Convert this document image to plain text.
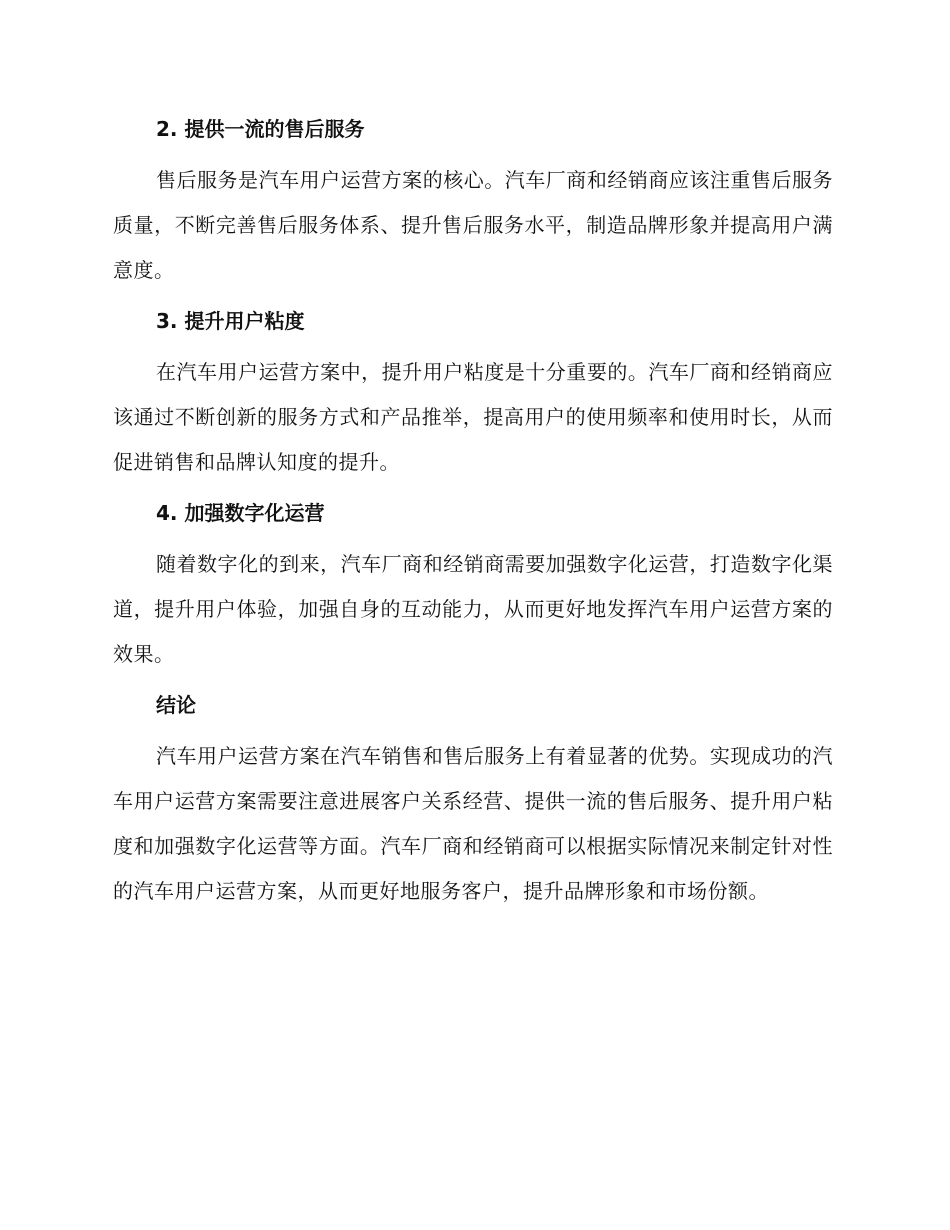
2. 提供一流的售后服务

售后服务是汽车用户运营方案的核心。汽车厂商和经销商应该注重售后服务质量，不断完善售后服务体系、提升售后服务水平，制造品牌形象并提高用户满意度。

3. 提升用户粘度

在汽车用户运营方案中，提升用户粘度是十分重要的。汽车厂商和经销商应该通过不断创新的服务方式和产品推举，提高用户的使用频率和使用时长，从而促进销售和品牌认知度的提升。

4. 加强数字化运营

随着数字化的到来，汽车厂商和经销商需要加强数字化运营，打造数字化渠道，提升用户体验，加强自身的互动能力，从而更好地发挥汽车用户运营方案的效果。

结论

汽车用户运营方案在汽车销售和售后服务上有着显著的优势。实现成功的汽车用户运营方案需要注意进展客户关系经营、提供一流的售后服务、提升用户粘度和加强数字化运营等方面。汽车厂商和经销商可以根据实际情况来制定针对性的汽车用户运营方案，从而更好地服务客户，提升品牌形象和市场份额。
